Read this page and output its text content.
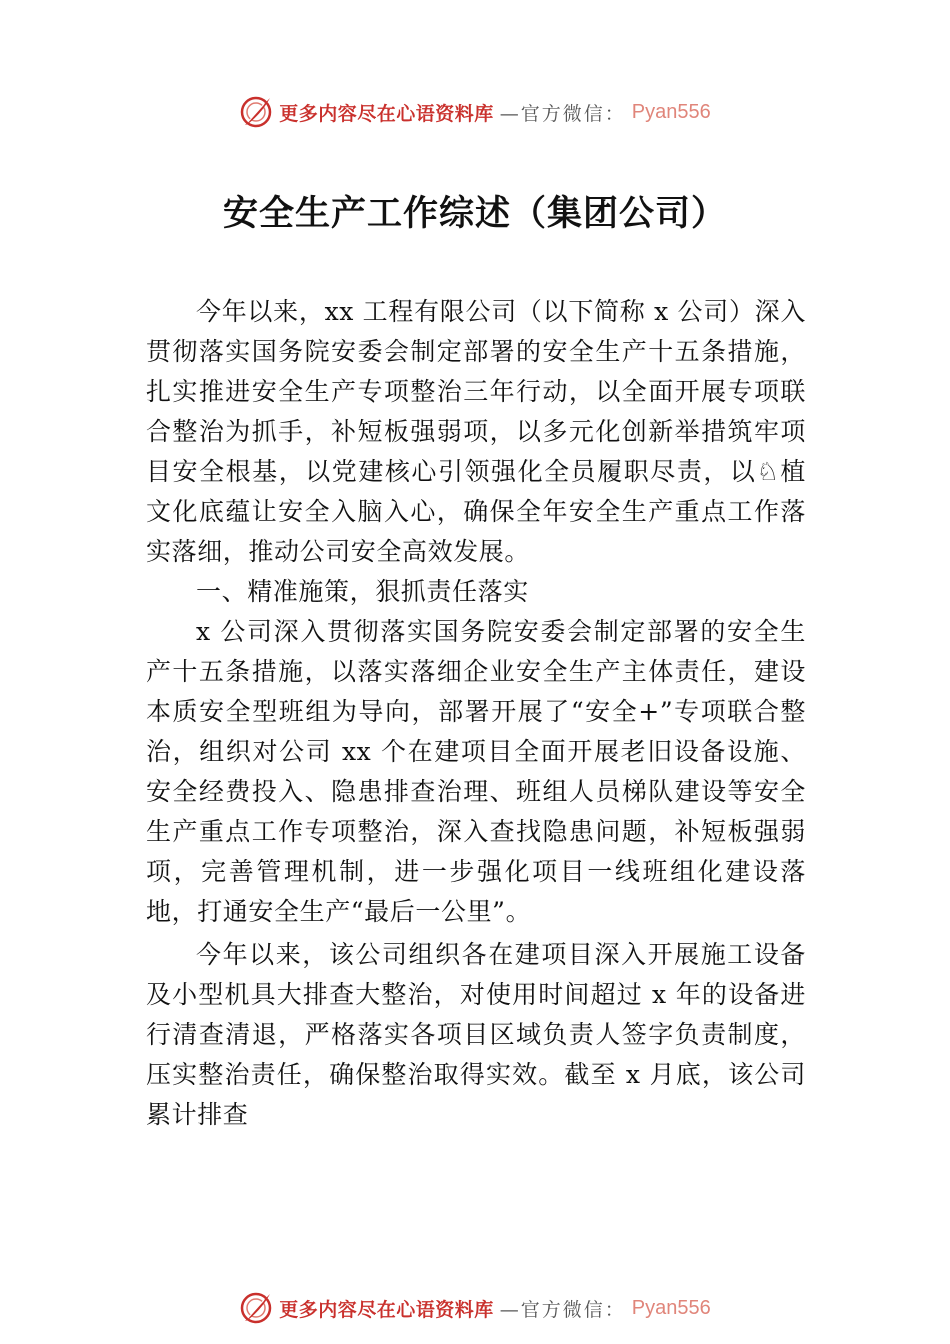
更多内容尽在心语资料库 —官方微信： Pyan556
安全生产工作综述（集团公司）

今年以来，xx 工程有限公司（以下简称 x 公司）深入贯彻落实国务院安委会制定部署的安全生产十五条措施，扎实推进安全生产专项整治三年行动，以全面开展专项联合整治为抓手，补短板强弱项，以多元化创新举措筑牢项目安全根基，以党建核心引领强化全员履职尽责，以♘植文化底蕴让安全入脑入心，确保全年安全生产重点工作落实落细，推动公司安全高效发展。

一、精准施策，狠抓责任落实

x 公司深入贯彻落实国务院安委会制定部署的安全生产十五条措施，以落实落细企业安全生产主体责任，建设本质安全型班组为导向，部署开展了“安全+”专项联合整治，组织对公司 xx 个在建项目全面开展老旧设备设施、安全经费投入、隐患排查治理、班组人员梯队建设等安全生产重点工作专项整治，深入查找隐患问题，补短板强弱项，完善管理机制，进一步强化项目一线班组化建设落地，打通安全生产“最后一公里”。

今年以来，该公司组织各在建项目深入开展施工设备及小型机具大排查大整治，对使用时间超过 x 年的设备进行清查清退，严格落实各项目区域负责人签字负责制度，压实整治责任，确保整治取得实效。截至 x 月底，该公司累计排查

更多内容尽在心语资料库 —官方微信： Pyan556
